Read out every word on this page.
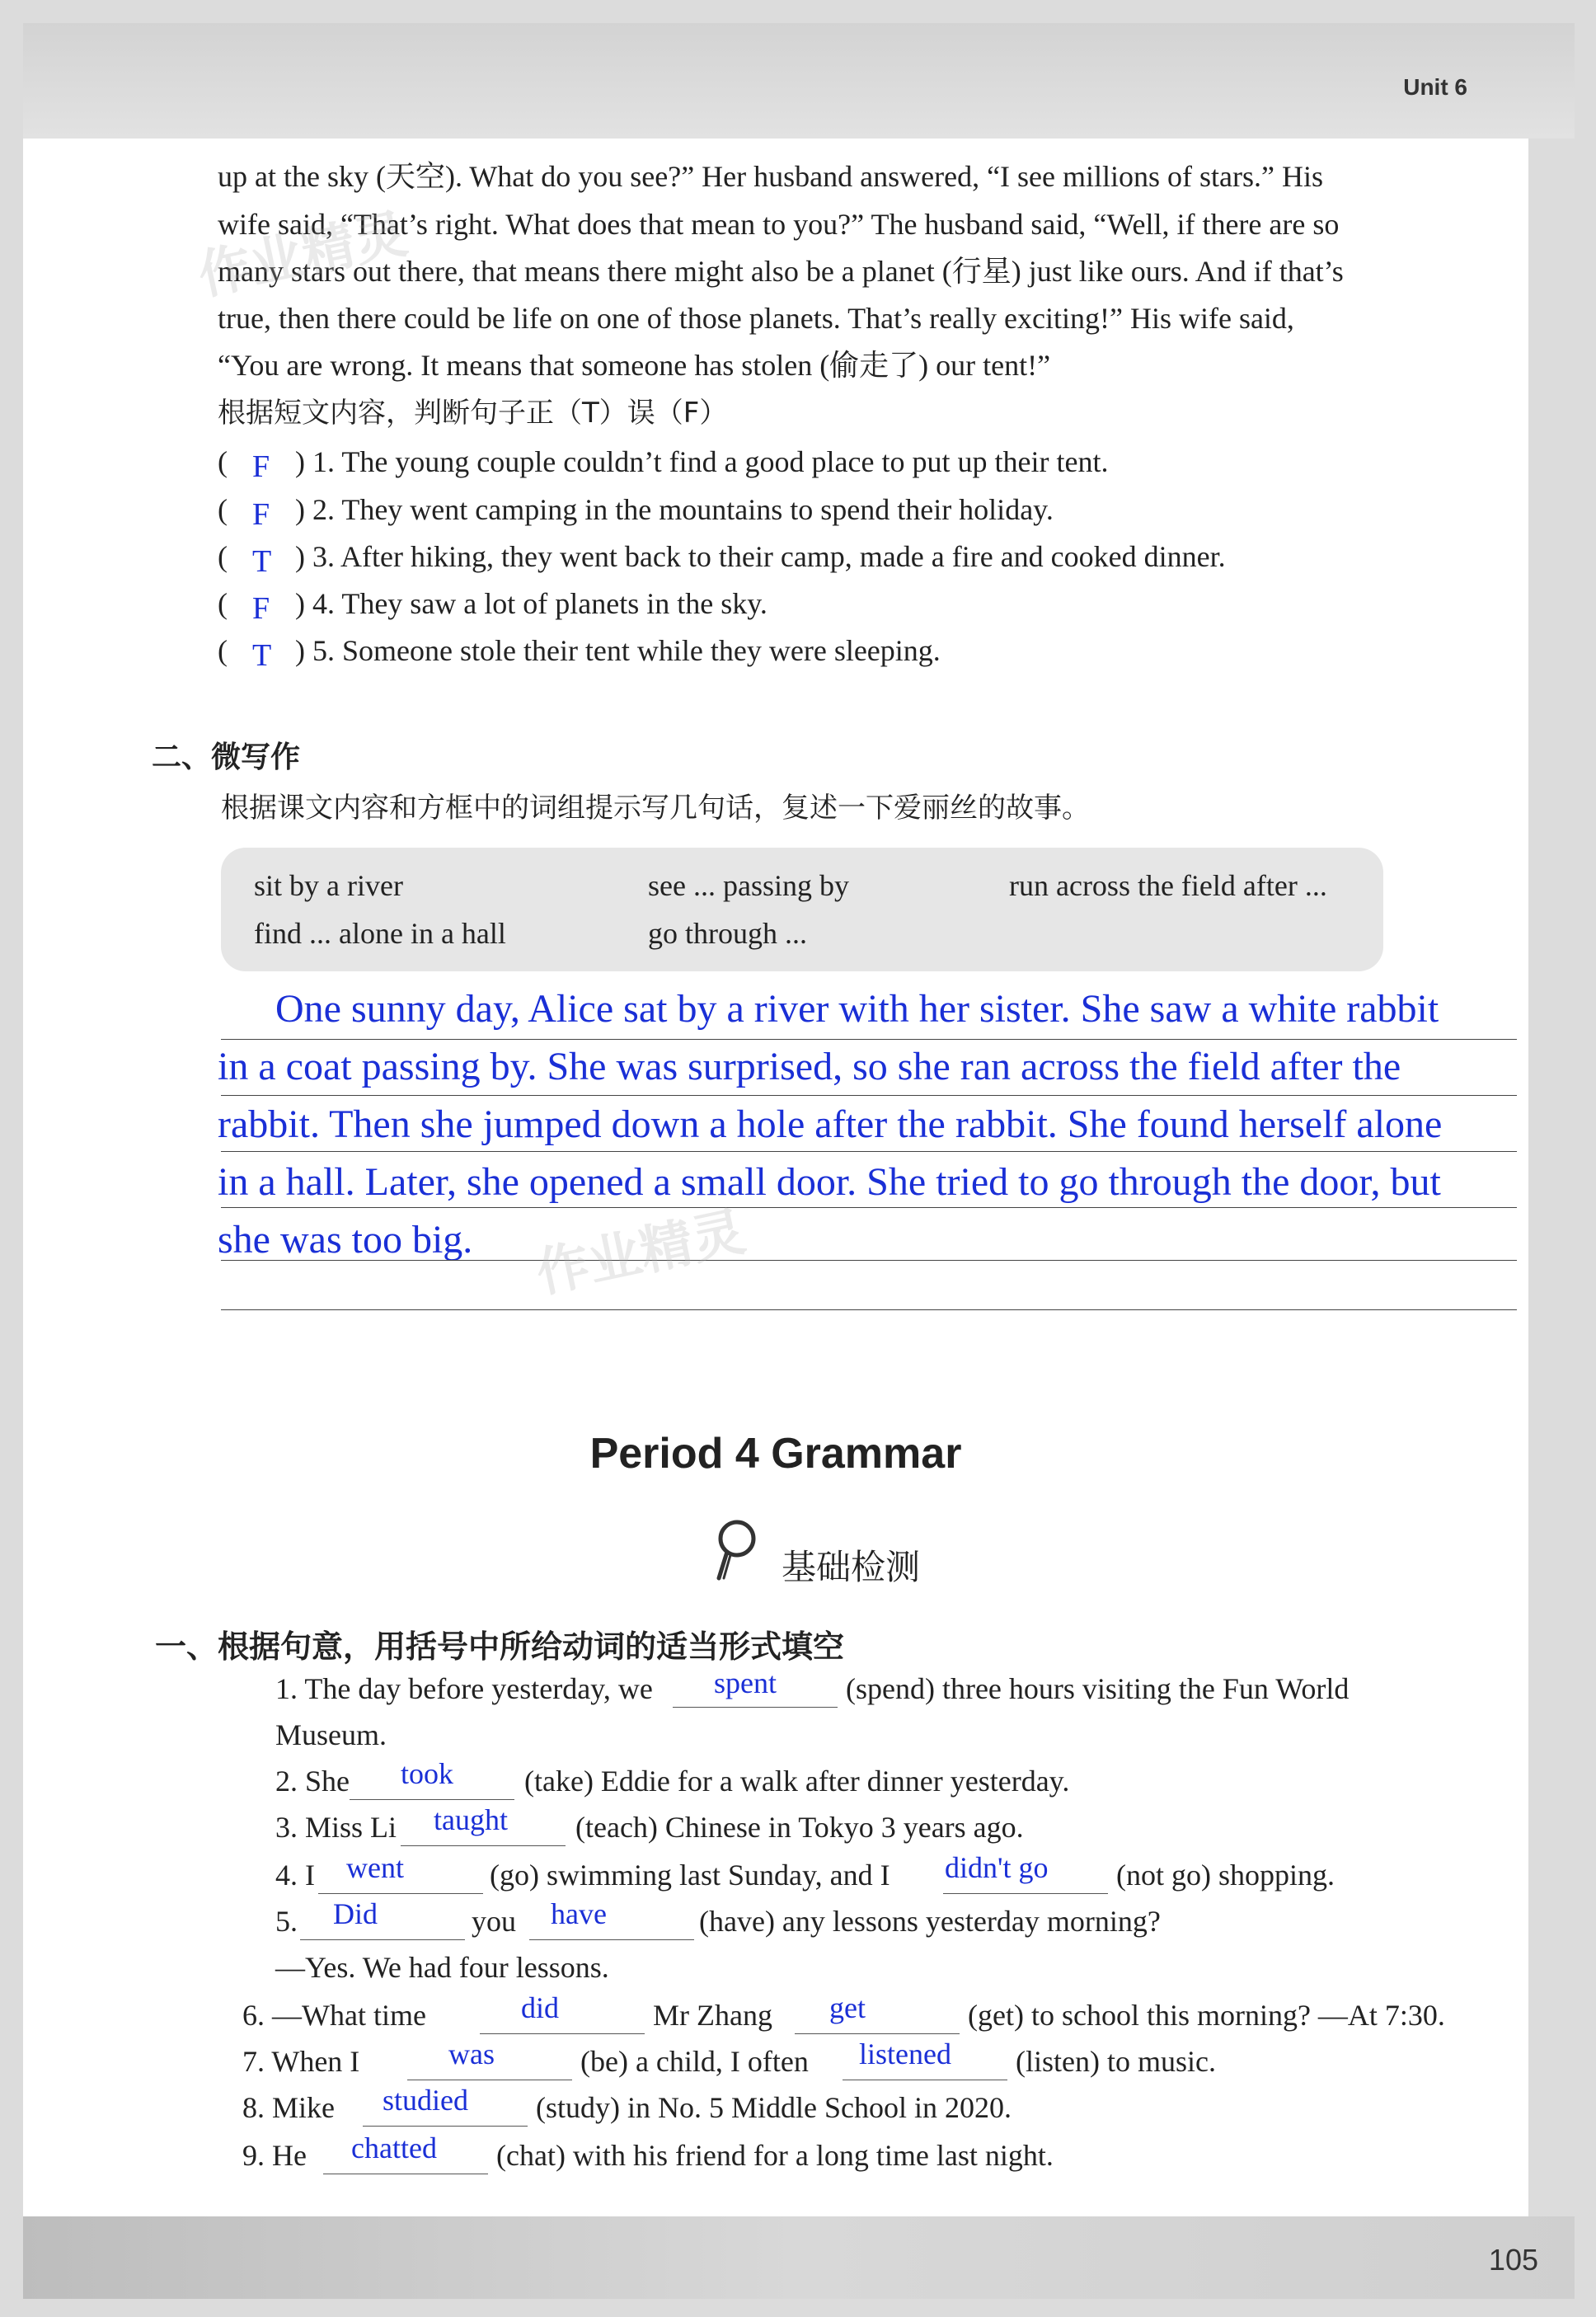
Unit 6
up at the sky (天空). What do you see?” Her husband answered, “I see millions of stars.” His
wife said, “That’s right. What does that mean to you?” The husband said, “Well, if there are so
many stars out there, that means there might also be a planet (行星) just like ours. And if that’s
true, then there could be life on one of those planets. That’s really exciting!” His wife said,
“You are wrong. It means that someone has stolen (偷走了) our tent!”
根据短文内容，判断句子正（T）误（F）
作业精灵
( F ) 1. The young couple couldn’t find a good place to put up their tent.
( F ) 2. They went camping in the mountains to spend their holiday.
( T ) 3. After hiking, they went back to their camp, made a fire and cooked dinner.
( F ) 4. They saw a lot of planets in the sky.
( T ) 5. Someone stole their tent while they were sleeping.
二、微写作
根据课文内容和方框中的词组提示写几句话，复述一下爱丽丝的故事。
sit by a river	see ... passing by	run across the field after ...
find ... alone in a hall	go through ...
One sunny day, Alice sat by a river with her sister. She saw a white rabbit
in a coat passing by. She was surprised, so she ran across the field after the
rabbit. Then she jumped down a hole after the rabbit. She found herself alone
in a hall. Later, she opened a small door. She tried to go through the door, but
she was too big. 作业精灵
Period 4 Grammar
基础检测
一、根据句意，用括号中所给动词的适当形式填空
1. The day before yesterday, we spent (spend) three hours visiting the Fun World
Museum.
2. She took (take) Eddie for a walk after dinner yesterday.
3. Miss Li taught (teach) Chinese in Tokyo 3 years ago.
4. I went	(go) swimming last Sunday, and I didn't go (not go) shopping.
5. Did	you have	(have) any lessons yesterday morning?
—Yes. We had four lessons.
6. —What time	did	Mr Zhang get	(get) to school this morning? —At 7:30.
7. When I	was	(be) a child, I often listened (listen) to music.
8. Mike studied (study) in No. 5 Middle School in 2020.
9. He chatted (chat) with his friend for a long time last night.
105
